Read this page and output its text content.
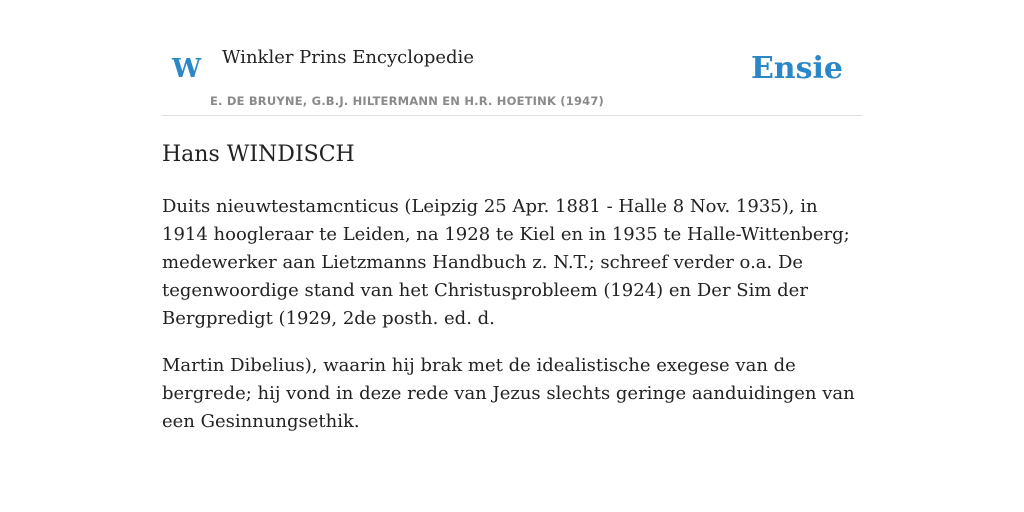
W Winkler Prins Encyclopedie	Ensie
E. DE BRUYNE, G.B.J. HILTERMANN EN H.R. HOETINK (1947)
Hans WINDISCH

Duits nieuwtestamcnticus (Leipzig 25 Apr. 1881 - Halle 8 Nov. 1935), in 1914 hoogleraar te Leiden, na 1928 te Kiel en in 1935 te Halle-Wittenberg; medewerker aan Lietzmanns Handbuch z. N.T.; schreef verder o.a. De tegenwoordige stand van het Christusprobleem (1924) en Der Sim der Bergpredigt (1929, 2de posth. ed. d.

Martin Dibelius), waarin hij brak met de idealistische exegese van de bergrede; hij vond in deze rede van Jezus slechts geringe aanduidingen van een Gesinnungsethik.
